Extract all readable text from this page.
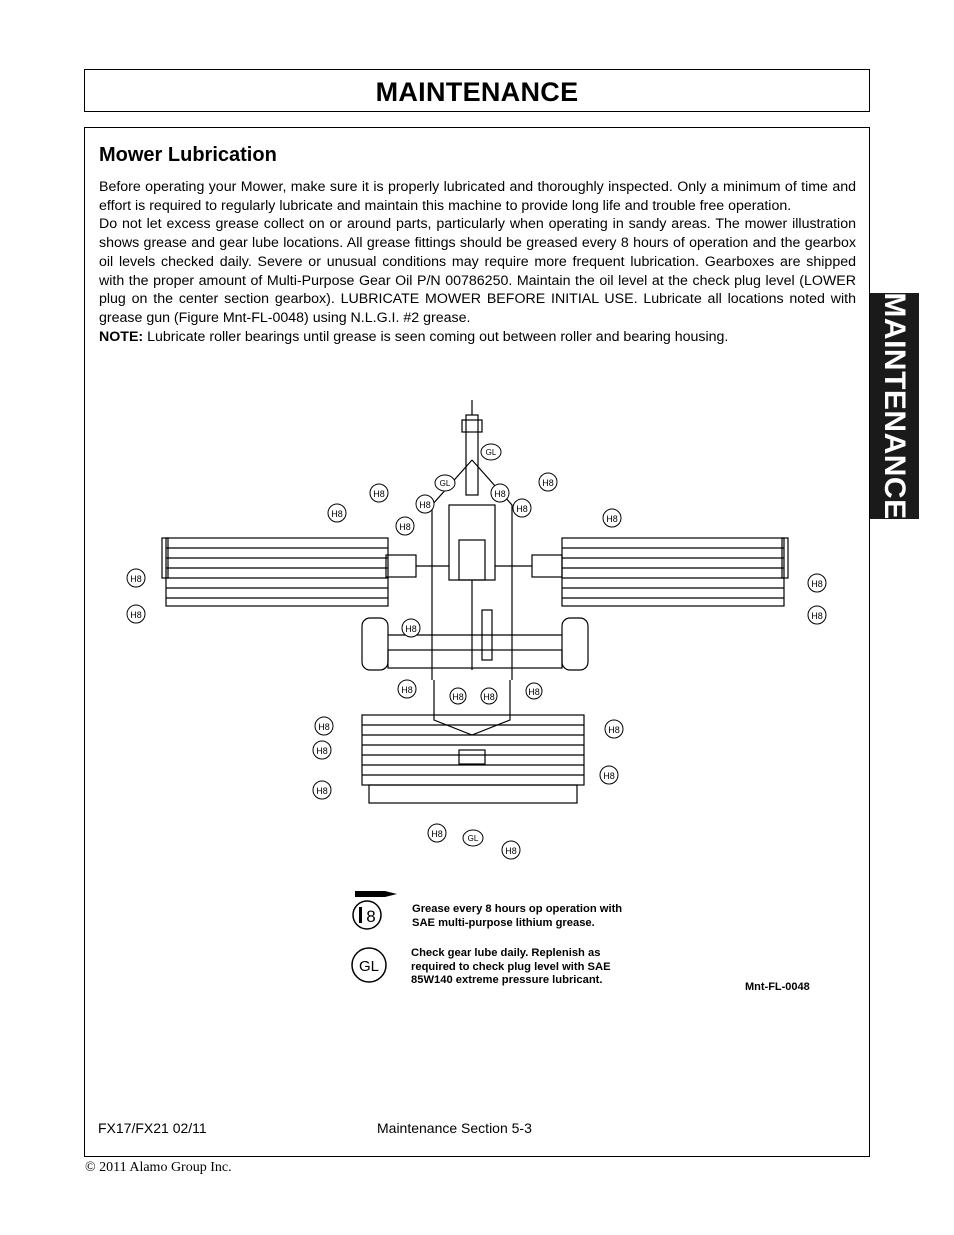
MAINTENANCE
MAINTENANCE
Mower Lubrication

Before operating your Mower, make sure it is properly lubricated and thoroughly inspected. Only a minimum of time and effort is required to regularly lubricate and maintain this machine to provide long life and trouble free operation.

Do not let excess grease collect on or around parts, particularly when operating in sandy areas. The mower illustration shows grease and gear lube locations. All grease fittings should be greased every 8 hours of operation and the gearbox oil levels checked daily. Severe or unusual conditions may require more frequent lubrication. Gearboxes are shipped with the proper amount of Multi-Purpose Gear Oil P/N 00786250. Maintain the oil level at the check plug level (LOWER plug on the center section gearbox). LUBRICATE MOWER BEFORE INITIAL USE. Lubricate all locations noted with grease gun (Figure Mnt-FL-0048) using N.L.G.I. #2 grease.

NOTE: Lubricate roller bearings until grease is seen coming out between roller and bearing housing.

H8
H8
H8
H8
H8
H8
H8
H8
H8
H8
H8
H8
H8
H8
H8 H8	H8
H8
H8
H8
H8
H8
H8
H8
GL
GL
GL
8
GL
Grease every 8 hours op operation with
SAE multi-purpose lithium grease.
Check gear lube daily. Replenish as
required to check plug level with SAE
85W140 extreme pressure lubricant.
Mnt-FL-0048
FX17/FX21 02/11	Maintenance Section 5-3
© 2011 Alamo Group Inc.
